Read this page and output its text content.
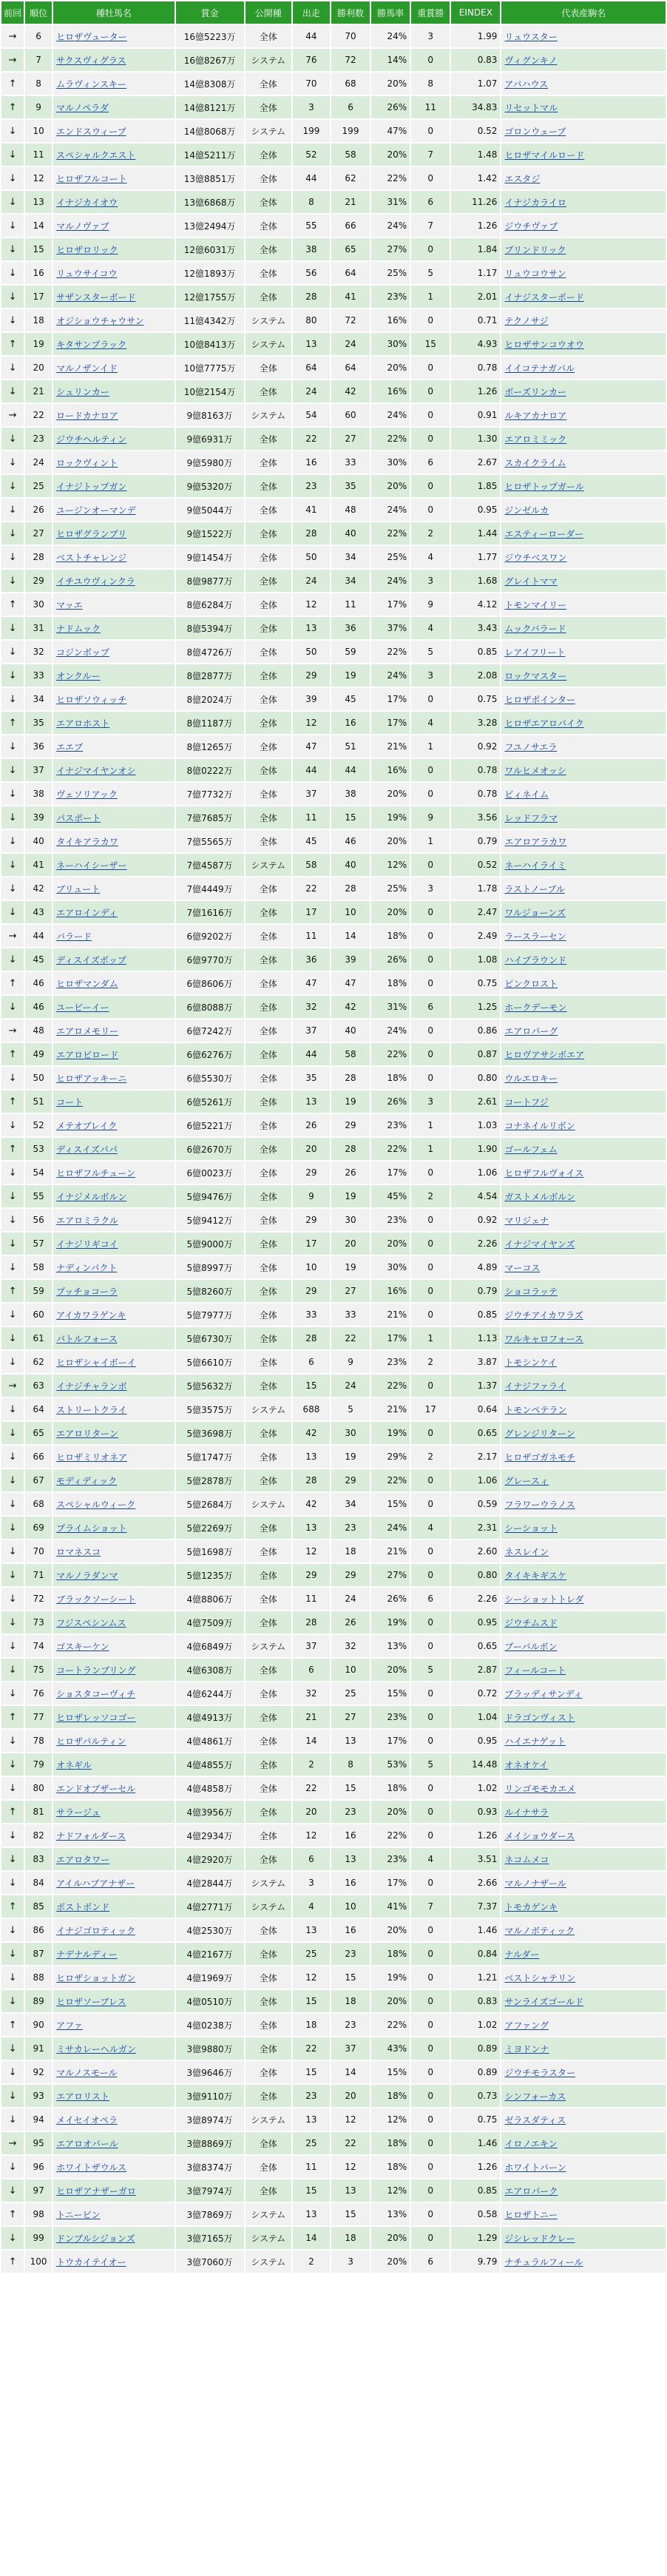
前回	順位	種牡馬名	賞金	公開種	出走	勝利数	勝馬率	重賞勝	EINDEX	代表産駒名
→	6	ヒロザヴューター	16億5223万	全体	44	70	24%	3	1.99	リュウスター
→	7	サクスヴィグラス	16億8267万	システム	76	72	14%	0	0.83	ヴィグンキノ
↑	8	ムラヴィンスキー	14億8308万	全体	70	68	20%	8	1.07	アバハウス
↑	9	マルノペラダ	14億8121万	全体	3	6	26%	11	34.83	リセットマル
↓	10	エンドスウィーブ	14億8068万	システム	199	199	47%	0	0.52	ゴロンウェーブ
↓	11	スペシャルクエスト	14億5211万	全体	52	58	20%	7	1.48	ヒロザマイルロード
↓	12	ヒロザフルコート	13億8851万	全体	44	62	22%	0	1.42	エスタジ
↓	13	イナジカイオウ	13億6868万	全体	8	21	31%	6	11.26	イナジカライロ
↓	14	マルノヴァブ	13億2494万	全体	55	66	24%	7	1.26	ジウチヴァブ
↓	15	ヒロザロリック	12億6031万	全体	38	65	27%	0	1.84	ブリンドリック
↓	16	リュウサイコウ	12億1893万	全体	56	64	25%	5	1.17	リュウコウサン
↓	17	サザンスターボード	12億1755万	全体	28	41	23%	1	2.01	イナジスターボード
↓	18	オジショウチャウサン	11億4342万	システム	80	72	16%	0	0.71	テクノサジ
↑	19	キタサンブラック	10億8413万	システム	13	24	30%	15	4.93	ヒロザサンコウオウ
↓	20	マルノザンイド	10億7775万	全体	64	64	20%	0	0.78	イイコテナガバル
↓	21	シュリンカー	10億2154万	全体	24	42	16%	0	1.26	ボーズリンカー
→	22	ロードカナロア	9億8163万	システム	54	60	24%	0	0.91	ルキアカナロア
↓	23	ジウチヘルティン	9億6931万	全体	22	27	22%	0	1.30	エアロミミック
↓	24	ロックヴィント	9億5980万	全体	16	33	30%	6	2.67	スカイクライム
↓	25	イナジトップガン	9億5320万	全体	23	35	20%	0	1.85	ヒロザトップガール
↓	26	ユージンオーマンデ	9億5044万	全体	41	48	24%	0	0.95	ジンゼルカ
↓	27	ヒロザグランプリ	9億1522万	全体	28	40	22%	2	1.44	エスティーローダー
↓	28	ベストチャレンジ	9億1454万	全体	50	34	25%	4	1.77	ジウチベスワン
↓	29	イチユウヴィンクラ	8億9877万	全体	24	34	24%	3	1.68	グレイトママ
↑	30	マッエ	8億6284万	全体	12	11	17%	9	4.12	トモンマイリー
↓	31	ナドムック	8億5394万	全体	13	36	37%	4	3.43	ムックバラード
↓	32	コジンボップ	8億4726万	全体	50	59	22%	5	0.85	レアイフリート
↓	33	オンクルー	8億2877万	全体	29	19	24%	3	2.08	ロックマスター
↓	34	ヒロザソウィッチ	8億2024万	全体	39	45	17%	0	0.75	ヒロザポインター
↑	35	エアロホスト	8億1187万	全体	12	16	17%	4	3.28	ヒロザエアロパイク
↓	36	エエブ	8億1265万	全体	47	51	21%	1	0.92	フユノサエラ
↓	37	イナジマイヤンオシ	8億0222万	全体	44	44	16%	0	0.78	ワルヒメオッシ
↓	38	ヴェソリアック	7億7732万	全体	37	38	20%	0	0.78	ビィネイム
↓	39	パスポート	7億7685万	全体	11	15	19%	9	3.56	レッドフラマ
↓	40	タイキアラカワ	7億5565万	全体	45	46	20%	1	0.79	エアロアラカワ
↓	41	ネーハイシーザー	7億4587万	システム	58	40	12%	0	0.52	ネーハイライミ
↓	42	ブリュート	7億4449万	全体	22	28	25%	3	1.78	ラストノーブル
↓	43	エアロインディ	7億1616万	全体	17	10	20%	0	2.47	ワルジョーンズ
→	44	バラード	6億9202万	全体	11	14	18%	0	2.49	ラースラーセン
↓	45	ディスイズボップ	6億9770万	全体	36	39	26%	0	1.08	ハイブラウンド
↑	46	ヒロザマンダム	6億8606万	全体	47	47	18%	0	0.75	ビンクロスト
↓	46	ユービーイー	6億8088万	全体	32	42	31%	6	1.25	ホークデーモン
→	48	エアロメモリー	6億7242万	全体	37	40	24%	0	0.86	エアロバーグ
↑	49	エアロビロード	6億6276万	全体	44	58	22%	0	0.87	ヒロヴアサシボエア
↓	50	ヒロザアッキーニ	6億5530万	全体	35	28	18%	0	0.80	ウルエロキー
↑	51	コート	6億5261万	全体	13	19	26%	3	2.61	コートフジ
↓	52	メテオブレイク	6億5221万	全体	26	29	23%	1	1.03	コナネイルリボン
↑	53	ディスイズパパ	6億2670万	全体	20	28	22%	1	1.90	ゴールフェム
↓	54	ヒロザフルチューン	6億0023万	全体	29	26	17%	0	1.06	ヒロザフルヴォイス
↓	55	イナジメルボルン	5億9476万	全体	9	19	45%	2	4.54	ガストメルボルン
↓	56	エアロミラクル	5億9412万	全体	29	30	23%	0	0.92	マリジェナ
↓	57	イナジリギコイ	5億9000万	全体	17	20	20%	0	2.26	イナジマイヤンズ
↓	58	ナディンパクト	5億8997万	全体	10	19	30%	0	4.89	マーコス
↑	59	プッチョコーラ	5億8260万	全体	29	27	16%	0	0.79	ショコラッテ
↓	60	アイカワラゲンキ	5億7977万	全体	33	33	21%	0	0.85	ジウチアイカワラズ
↓	61	バトルフォース	5億6730万	全体	28	22	17%	1	1.13	ワルキャロフォース
↓	62	ヒロザシャイボーイ	5億6610万	全体	6	9	23%	2	3.87	トモシンケイ
→	63	イナジチャランボ	5億5632万	全体	15	24	22%	0	1.37	イナジファライ
↓	64	ストリートクライ	5億3575万	システム	688	5	21%	17	0.64	トモンペテラン
↓	65	エアロリターン	5億3698万	全体	42	30	19%	0	0.65	グレンジリターン
↓	66	ヒロザミリオネア	5億1747万	全体	13	19	29%	2	2.17	ヒロザゴガネモチ
↓	67	モディディック	5億2878万	全体	28	29	22%	0	1.06	グレースィ
↓	68	スペシャルウィーク	5億2684万	システム	42	34	15%	0	0.59	フラワーウラノス
↓	69	プライムショット	5億2269万	全体	13	23	24%	4	2.31	シーショット
↓	70	ロマネスコ	5億1698万	全体	12	18	21%	0	2.60	ネスレイン
↓	71	マルノラダンマ	5億1235万	全体	29	29	27%	0	0.80	タイキキギスケ
↓	72	ブラックソーシート	4億8806万	全体	11	24	26%	6	2.26	シーショットトレダ
↓	73	フジスペシンムス	4億7509万	全体	28	26	19%	0	0.95	ジウチムスド
↓	74	ゴスキーケン	4億6849万	システム	37	32	13%	0	0.65	ブーバルボン
↓	75	コートランブリング	4億6308万	全体	6	10	20%	5	2.87	フィールコート
↓	76	ショスタコーヴィチ	4億6244万	全体	32	25	15%	0	0.72	ブラッディサンディ
↑	77	ヒロザレッソコゴー	4億4913万	全体	21	27	23%	0	1.04	ドラゴンヴィスト
↓	78	ヒロザパルティン	4億4861万	全体	14	13	17%	0	0.95	ハイエナゲット
↓	79	オネギル	4億4855万	全体	2	8	53%	5	14.48	オネオケイ
↓	80	エンドオブザーセル	4億4858万	全体	22	15	18%	0	1.02	リンゴモモカエメ
↑	81	サラージュ	4億3956万	全体	20	23	20%	0	0.93	ルイナサラ
↓	82	ナドフォルダース	4億2934万	全体	12	16	22%	0	1.26	メイショウダース
↓	83	エアロタワー	4億2920万	全体	6	13	23%	4	3.51	ネコムメコ
↓	84	アイルハブアナザー	4億2844万	システム	3	16	17%	0	2.66	マルノナザール
↑	85	ボストボンド	4億2771万	システム	4	10	41%	7	7.37	トモカゲンキ
↓	86	イナジゴロティック	4億2530万	全体	13	16	20%	0	1.46	マルノボティック
↓	87	ナデナルディー	4億2167万	全体	25	23	18%	0	0.84	ナルダー
↓	88	ヒロザショットガン	4億1969万	全体	12	15	19%	0	1.21	ベストシャテリン
↓	89	ヒロザソーブレス	4億0510万	全体	15	18	20%	0	0.83	サンライズゴールド
↑	90	アファ	4億0238万	全体	18	23	22%	0	1.02	アファング
↓	91	ミサカレーヘルガン	3億9880万	全体	22	37	43%	0	0.89	ミヨドンナ
↓	92	マルノスモール	3億9646万	全体	15	14	15%	0	0.89	ジウチモラスター
↓	93	エアロリスト	3億9110万	全体	23	20	18%	0	0.73	シンフォーカス
↓	94	メイセイオペラ	3億8974万	システム	13	12	12%	0	0.75	ゼラスダティス
→	95	エアロオパール	3億8869万	全体	25	22	18%	0	1.46	イロノエキン
↓	96	ホワイトザウルス	3億8374万	全体	11	12	18%	0	1.26	ホワイトバーン
↓	97	ヒロザアナザーガロ	3億7974万	全体	15	13	12%	0	0.85	エアロパーク
↑	98	トニービン	3億7869万	システム	13	15	13%	0	0.58	ヒロザトニー
↓	99	ドンブルシジョンズ	3億7165万	システム	14	18	20%	0	1.29	ジシレッドクレー
↑	100	トウカイテイオー	3億7060万	システム	2	3	20%	6	9.79	ナチュラルフィール
